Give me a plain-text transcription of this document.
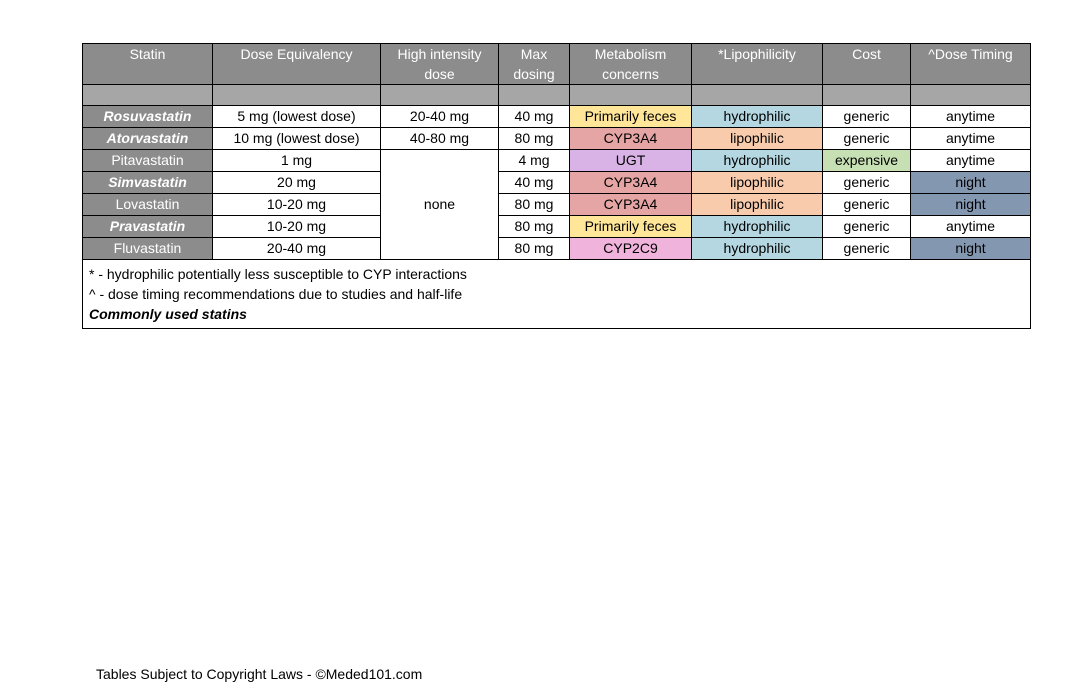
Statin	Dose Equivalency	High intensity dose	Max dosing	Metabolism concerns	*Lipophilicity	Cost	^Dose Timing

Rosuvastatin	5 mg (lowest dose)	20-40 mg	40 mg	Primarily feces	hydrophilic	generic	anytime
Atorvastatin	10 mg (lowest dose)	40-80 mg	80 mg	CYP3A4	lipophilic	generic	anytime
Pitavastatin	1 mg	none	4 mg	UGT	hydrophilic	expensive	anytime
Simvastatin	20 mg		40 mg	CYP3A4	lipophilic	generic	night
Lovastatin	10-20 mg		80 mg	CYP3A4	lipophilic	generic	night
Pravastatin	10-20 mg		80 mg	Primarily feces	hydrophilic	generic	anytime
Fluvastatin	20-40 mg		80 mg	CYP2C9	hydrophilic	generic	night

* - hydrophilic potentially less susceptible to CYP interactions
^ - dose timing recommendations due to studies and half-life
Commonly used statins							
Tables Subject to Copyright Laws - ©Meded101.com
